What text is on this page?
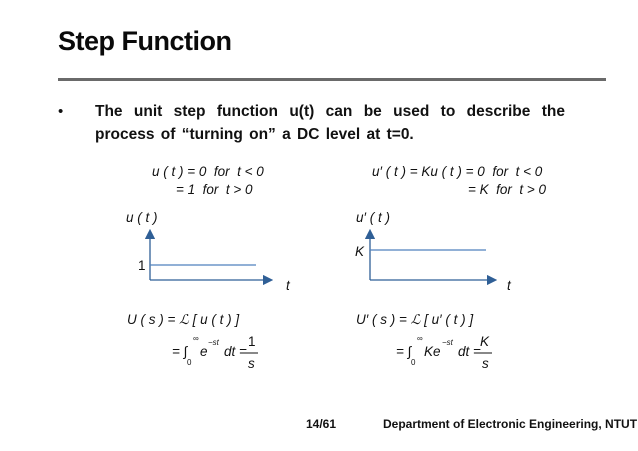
Step Function
• The unit step function u(t) can be used to describe the process of “turning on” a DC level at t=0.
u ( t ) = 0  for  t < 0
= 1  for  t > 0
u′ ( t ) = Ku ( t ) = 0  for  t < 0
= K  for  t > 0
u ( t )
t
1
u′ ( t )
t
K
U ( s ) = ℒ [ u ( t ) ]
= ∫
∞
0
e
−st
dt =
1
s
U′ ( s ) = ℒ [ u′ ( t ) ]
= ∫
∞
0
Ke
−st
dt =
K
s
14/61	Department of Electronic Engineering, NTUT
